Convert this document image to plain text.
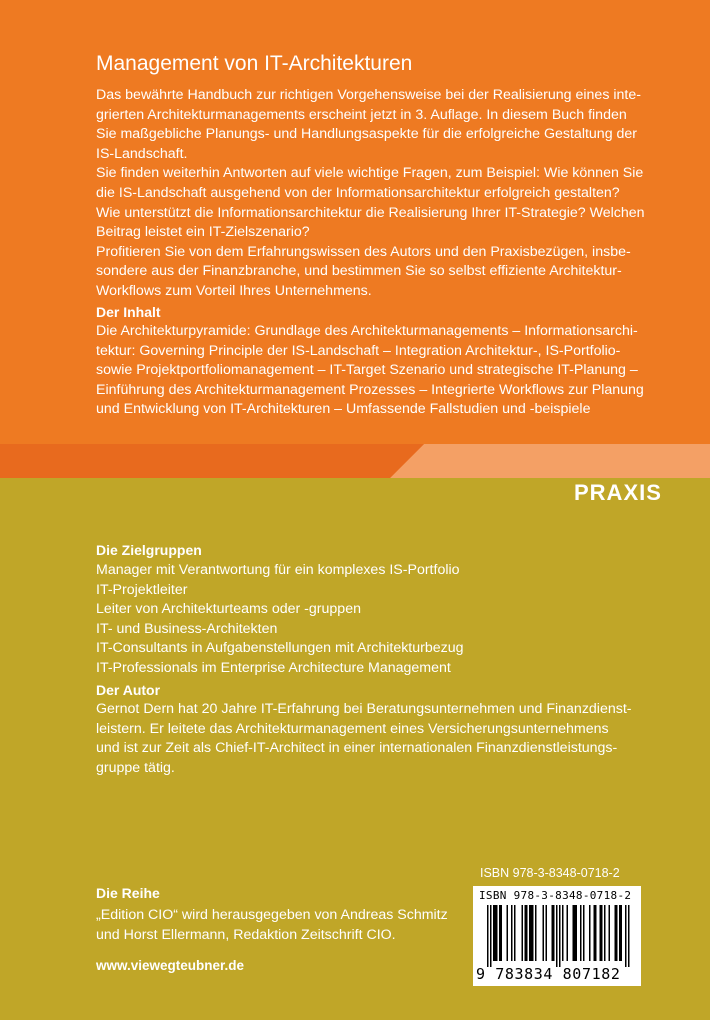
Management von IT-Architekturen
Das bewährte Handbuch zur richtigen Vorgehensweise bei der Realisierung eines inte-
grierten Architekturmanagements erscheint jetzt in 3. Auflage. In diesem Buch finden
Sie maßgebliche Planungs- und Handlungsaspekte für die erfolgreiche Gestaltung der
IS-Landschaft.
Sie finden weiterhin Antworten auf viele wichtige Fragen, zum Beispiel: Wie können Sie
die IS-Landschaft ausgehend von der Informationsarchitektur erfolgreich gestalten?
Wie unterstützt die Informationsarchitektur die Realisierung Ihrer IT-Strategie? Welchen
Beitrag leistet ein IT-Zielszenario?
Profitieren Sie von dem Erfahrungswissen des Autors und den Praxisbezügen, insbe-
sondere aus der Finanzbranche, und bestimmen Sie so selbst effiziente Architektur-
Workflows zum Vorteil Ihres Unternehmens.

Der Inhalt

Die Architekturpyramide: Grundlage des Architekturmanagements – Informationsarchi-
tektur: Governing Principle der IS-Landschaft – Integration Architektur-, IS-Portfolio-
sowie Projektportfoliomanagement – IT-Target Szenario und strategische IT-Planung –
Einführung des Architekturmanagement Prozesses – Integrierte Workflows zur Planung
und Entwicklung von IT-Architekturen – Umfassende Fallstudien und -beispiele

PRAXIS

Die Zielgruppen

Manager mit Verantwortung für ein komplexes IS-Portfolio
IT-Projektleiter
Leiter von Architekturteams oder -gruppen
IT- und Business-Architekten
IT-Consultants in Aufgabenstellungen mit Architekturbezug
IT-Professionals im Enterprise Architecture Management

Der Autor

Gernot Dern hat 20 Jahre IT-Erfahrung bei Beratungsunternehmen und Finanzdienst-
leistern. Er leitete das Architekturmanagement eines Versicherungsunternehmens
und ist zur Zeit als Chief-IT-Architect in einer internationalen Finanzdienstleistungs-
gruppe tätig.

Die Reihe

„Edition CIO“ wird herausgegeben von Andreas Schmitz
und Horst Ellermann, Redaktion Zeitschrift CIO.

www.viewegteubner.de

ISBN 978-3-8348-0718-2

ISBN 978-3-8348-0718-2

9 783834 807182
